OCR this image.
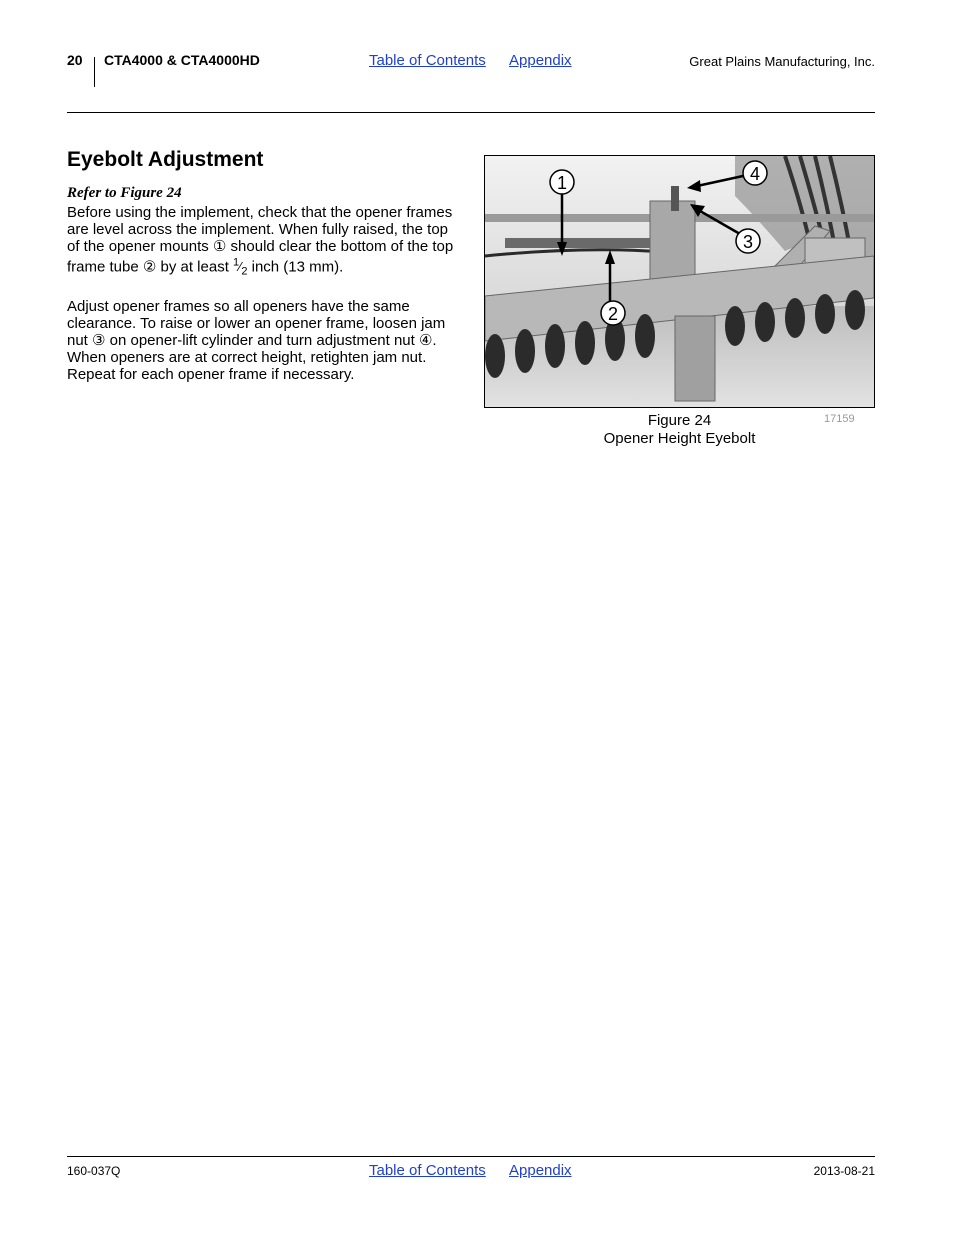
20 CTA4000 & CTA4000HD	Table of Contents Appendix	Great Plains Manufacturing, Inc.
Eyebolt Adjustment
Refer to Figure 24
Before using the implement, check that the opener frames are level across the implement. When fully raised, the top of the opener mounts ① should clear the bottom of the top frame tube ② by at least $^1⁄_2$ inch (13 mm).
Adjust opener frames so all openers have the same clearance. To raise or lower an opener frame, loosen jam nut ③ on opener-lift cylinder and turn adjustment nut ④. When openers are at correct height, retighten jam nut. Repeat for each opener frame if necessary.
1
2
3
4
Figure 24
Opener Height Eyebolt
17159
160-037Q	Table of Contents Appendix	2013-08-21
